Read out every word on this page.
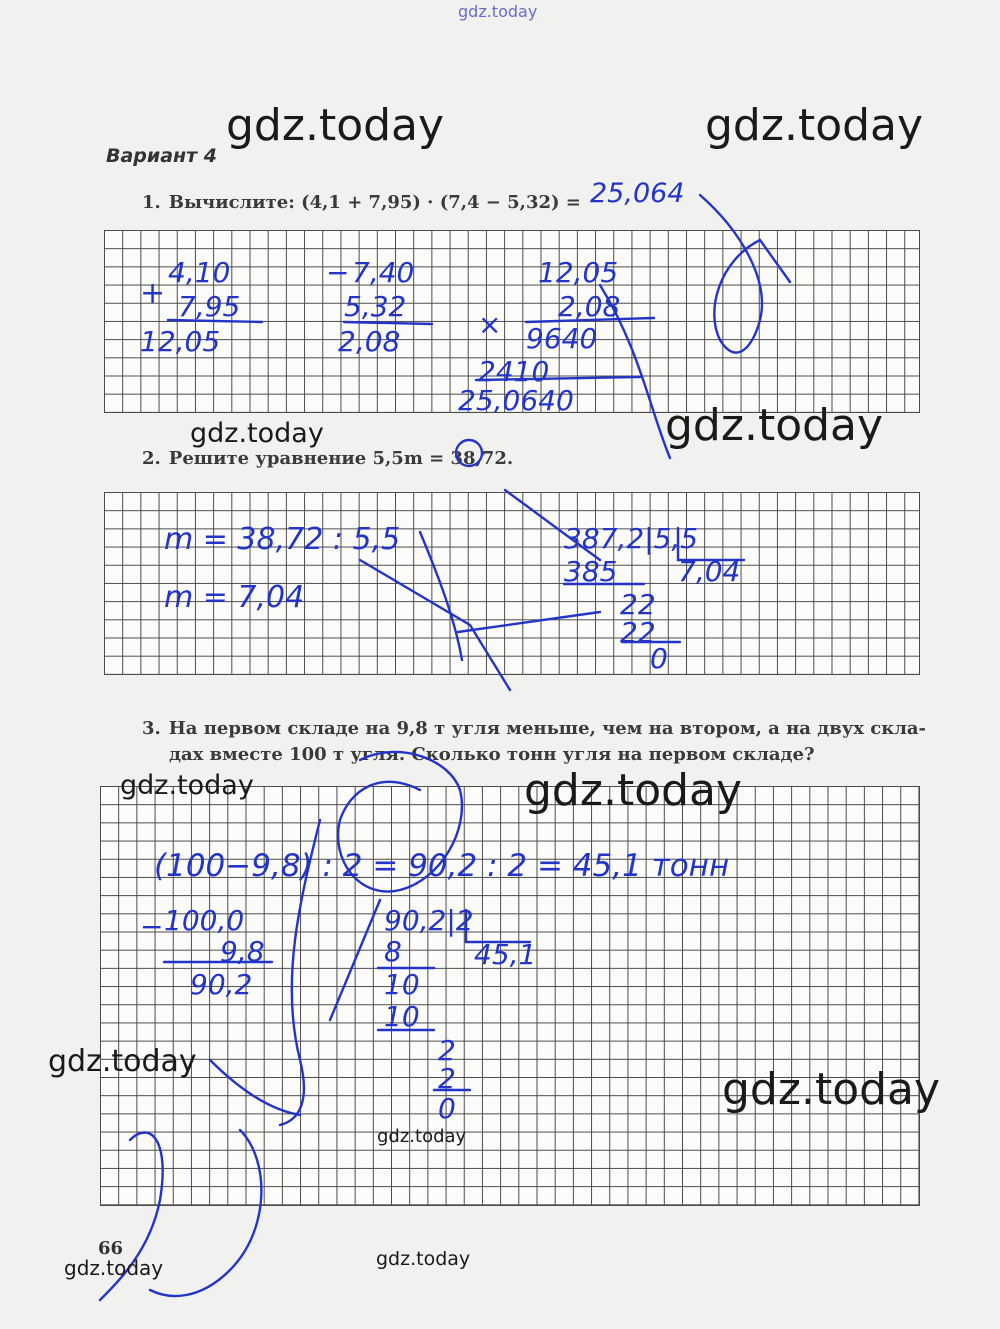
gdz.today
Вариант 4
1. Вычислите: (4,1 + 7,95) · (7,4 − 5,32) =
2. Решите уравнение 5,5m = 38,72.
3. На первом складе на 9,8 т угля меньше, чем на втором, а на двух скла-
дах вместе 100 т угля. Сколько тонн угля на первом складе?
66
25,064
+
4,10
7,95
12,05
− 7,40
5,32
2,08
12,05
2,08
× 9640
2410
25,0640
m = 38,72 : 5,5
m = 7,04
387,2|5,5
385 7,04
22
22
0
(100−9,8) : 2 = 90,2 : 2 = 45,1 тонн
− 100,0
9,8
90,2
90,2|2
8	45,1
10
10
2
2
0
gdz.today	gdz.today
gdz.today
gdz.today
gdz.today	gdz.today
gdz.today
gdz.today
gdz.today
gdz.today	gdz.today
